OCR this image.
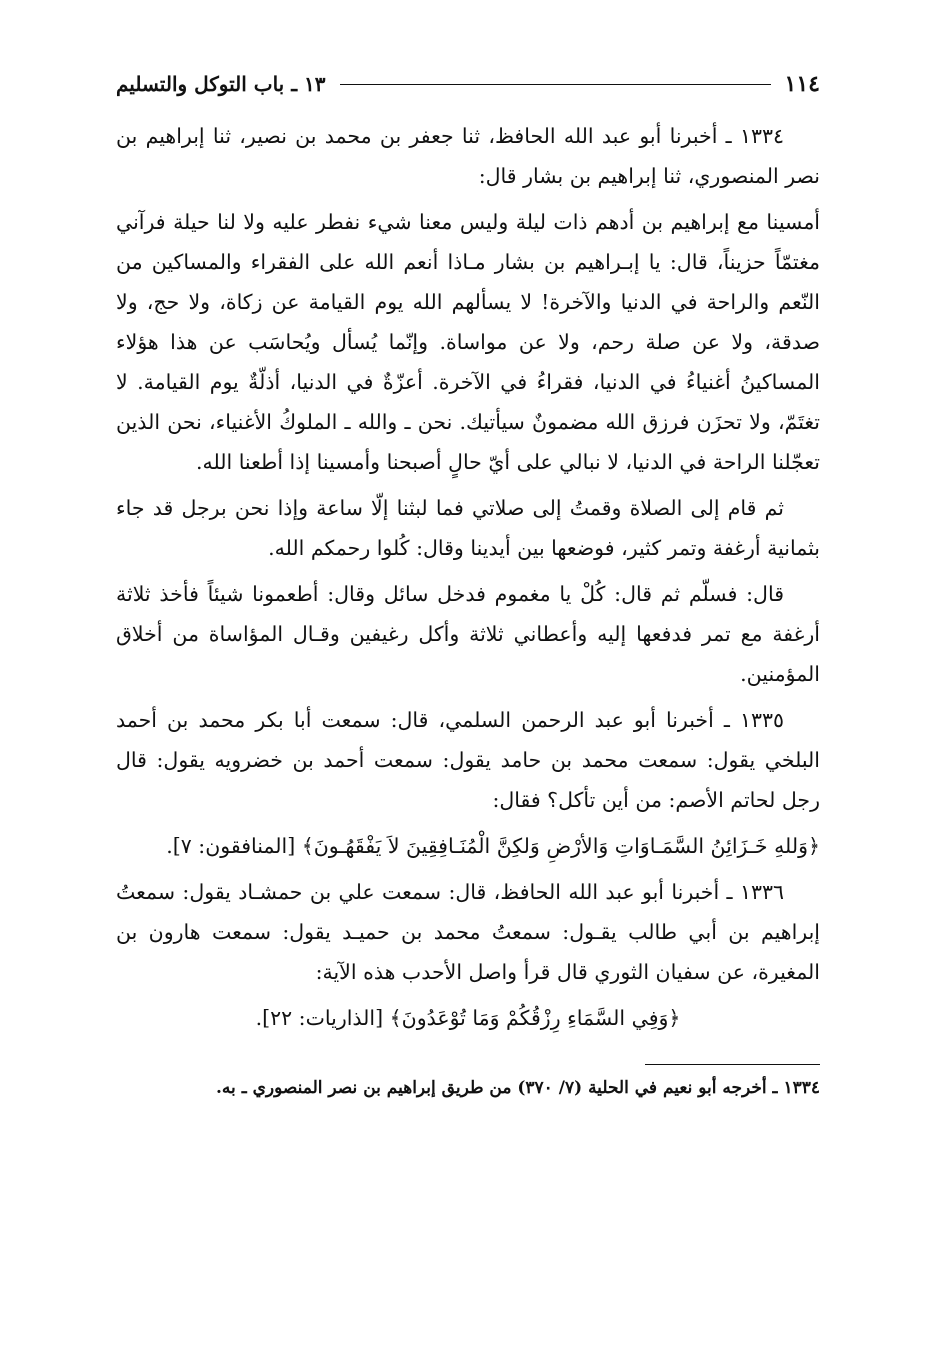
١١٤
١٣ ـ باب التوكل والتسليم

١٣٣٤ ـ أخبرنا أبو عبد الله الحافظ، ثنا جعفر بن محمد بن نصير، ثنا إبراهيم بن نصر المنصوري، ثنا إبراهيم بن بشار قال:

أمسينا مع إبراهيم بن أدهم ذات ليلة وليس معنا شيء نفطر عليه ولا لنا حيلة فرآني مغتمّاً حزيناً، قال: يا إبـراهيم بن بشار مـاذا أنعم الله على الفقراء والمساكين من النّعم والراحة في الدنيا والآخرة! لا يسألهم الله يوم القيامة عن زكاة، ولا حج، ولا صدقة، ولا عن صلة رحم، ولا عن مواساة. وإنّما يُسأل ويُحاسَب عن هذا هؤلاء المساكينُ أغنياءُ في الدنيا، فقراءُ في الآخرة. أعزّةٌ في الدنيا، أذلّةٌ يوم القيامة. لا تغتَمّ، ولا تحزَن فرزق الله مضمونٌ سيأتيك. نحن ـ والله ـ الملوكُ الأغنياء، نحن الذين تعجّلنا الراحة في الدنيا، لا نبالي على أيّ حالٍ أصبحنا وأمسينا إذا أطعنا الله.

ثم قام إلى الصلاة وقمتُ إلى صلاتي فما لبثنا إلّا ساعة وإذا نحن برجل قد جاء بثمانية أرغفة وتمر كثير، فوضعها بين أيدينا وقال: كُلوا رحمكم الله.

قال: فسلّم ثم قال: كُلْ يا مغموم فدخل سائل وقال: أطعمونا شيئاً فأخذ ثلاثة أرغفة مع تمر فدفعها إليه وأعطاني ثلاثة وأكل رغيفين وقـال المؤاساة من أخلاق المؤمنين.

١٣٣٥ ـ أخبرنا أبو عبد الرحمن السلمي، قال: سمعت أبا بكر محمد بن أحمد البلخي يقول: سمعت محمد بن حامد يقول: سمعت أحمد بن خضرويه يقول: قال رجل لحاتم الأصم: من أين تأكل؟ فقال:

﴿وَللهِ خَـزَائِنُ السَّمَـاوَاتِ وَالأرْضِ وَلكِنَّ الْمُنَـافِقِينَ لاَ يَفْقَهُـونَ﴾ [المنافقون: ٧].

١٣٣٦ ـ أخبرنا أبو عبد الله الحافظ، قال: سمعت علي بن حمشـاد يقول: سمعتُ إبراهيم بن أبي طالب يقـول: سمعتُ محمد بن حميـد يقول: سمعت هارون بن المغيرة، عن سفيان الثوري قال قرأ واصل الأحدب هذه الآية:

﴿وَفِي السَّمَاءِ رِزْقُكُمْ وَمَا تُوْعَدُونَ﴾ [الذاريات: ٢٢].

١٣٣٤ ـ أخرجه أبو نعيم في الحلية (٧/ ٣٧٠) من طريق إبراهيم بن نصر المنصوري ـ به.
